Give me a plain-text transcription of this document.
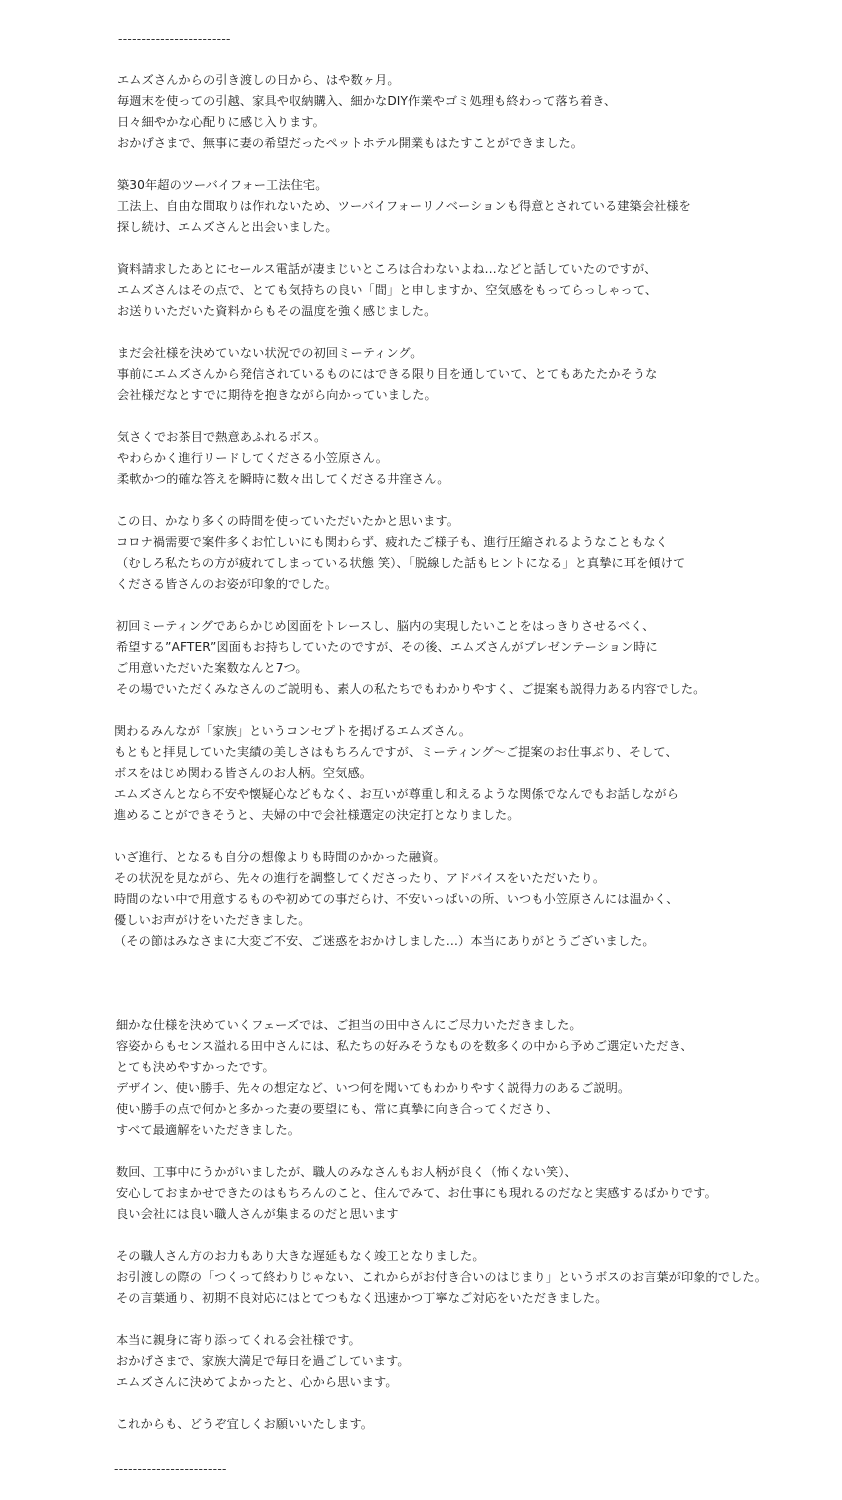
------------------------
エムズさんからの引き渡しの日から、はや数ヶ月。
毎週末を使っての引越、家具や収納購入、細かなDIY作業やゴミ処理も終わって落ち着き、
日々細やかな心配りに感じ入ります。
おかげさまで、無事に妻の希望だったペットホテル開業もはたすことができました。
築30年超のツーバイフォー工法住宅。
工法上、自由な間取りは作れないため、ツーバイフォーリノベーションも得意とされている建築会社様を
探し続け、エムズさんと出会いました。
資料請求したあとにセールス電話が凄まじいところは合わないよね…などと話していたのですが、
エムズさんはその点で、とても気持ちの良い「間」と申しますか、空気感をもってらっしゃって、
お送りいただいた資料からもその温度を強く感じました。
まだ会社様を決めていない状況での初回ミーティング。
事前にエムズさんから発信されているものにはできる限り目を通していて、とてもあたたかそうな
会社様だなとすでに期待を抱きながら向かっていました。
気さくでお茶目で熱意あふれるボス。
やわらかく進行リードしてくださる小笠原さん。
柔軟かつ的確な答えを瞬時に数々出してくださる井窪さん。
この日、かなり多くの時間を使っていただいたかと思います。
コロナ禍需要で案件多くお忙しいにも関わらず、疲れたご様子も、進行圧縮されるようなこともなく
（むしろ私たちの方が疲れてしまっている状態 笑）、「脱線した話もヒントになる」と真摯に耳を傾けて
くださる皆さんのお姿が印象的でした。
初回ミーティングであらかじめ図面をトレースし、脳内の実現したいことをはっきりさせるべく、
希望する”AFTER”図面もお持ちしていたのですが、その後、エムズさんがプレゼンテーション時に
ご用意いただいた案数なんと7つ。
その場でいただくみなさんのご説明も、素人の私たちでもわかりやすく、ご提案も説得力ある内容でした。
関わるみんなが「家族」というコンセプトを掲げるエムズさん。
もともと拝見していた実績の美しさはもちろんですが、ミーティング～ご提案のお仕事ぶり、そして、
ボスをはじめ関わる皆さんのお人柄。空気感。
エムズさんとなら不安や懐疑心などもなく、お互いが尊重し和えるような関係でなんでもお話しながら
進めることができそうと、夫婦の中で会社様選定の決定打となりました。
いざ進行、となるも自分の想像よりも時間のかかった融資。
その状況を見ながら、先々の進行を調整してくださったり、アドバイスをいただいたり。
時間のない中で用意するものや初めての事だらけ、不安いっぱいの所、いつも小笠原さんには温かく、
優しいお声がけをいただきました。
（その節はみなさまに大変ご不安、ご迷惑をおかけしました…）本当にありがとうございました。
細かな仕様を決めていくフェーズでは、ご担当の田中さんにご尽力いただきました。
容姿からもセンス溢れる田中さんには、私たちの好みそうなものを数多くの中から予めご選定いただき、
とても決めやすかったです。
デザイン、使い勝手、先々の想定など、いつ何を聞いてもわかりやすく説得力のあるご説明。
使い勝手の点で何かと多かった妻の要望にも、常に真摯に向き合ってくださり、
すべて最適解をいただきました。
数回、工事中にうかがいましたが、職人のみなさんもお人柄が良く（怖くない笑）、
安心しておまかせできたのはもちろんのこと、住んでみて、お仕事にも現れるのだなと実感するばかりです。
良い会社には良い職人さんが集まるのだと思います
その職人さん方のお力もあり大きな遅延もなく竣工となりました。
お引渡しの際の「つくって終わりじゃない、これからがお付き合いのはじまり」というボスのお言葉が印象的でした。
その言葉通り、初期不良対応にはとてつもなく迅速かつ丁寧なご対応をいただきました。
本当に親身に寄り添ってくれる会社様です。
おかげさまで、家族大満足で毎日を過ごしています。
エムズさんに決めてよかったと、心から思います。
これからも、どうぞ宜しくお願いいたします。
------------------------
